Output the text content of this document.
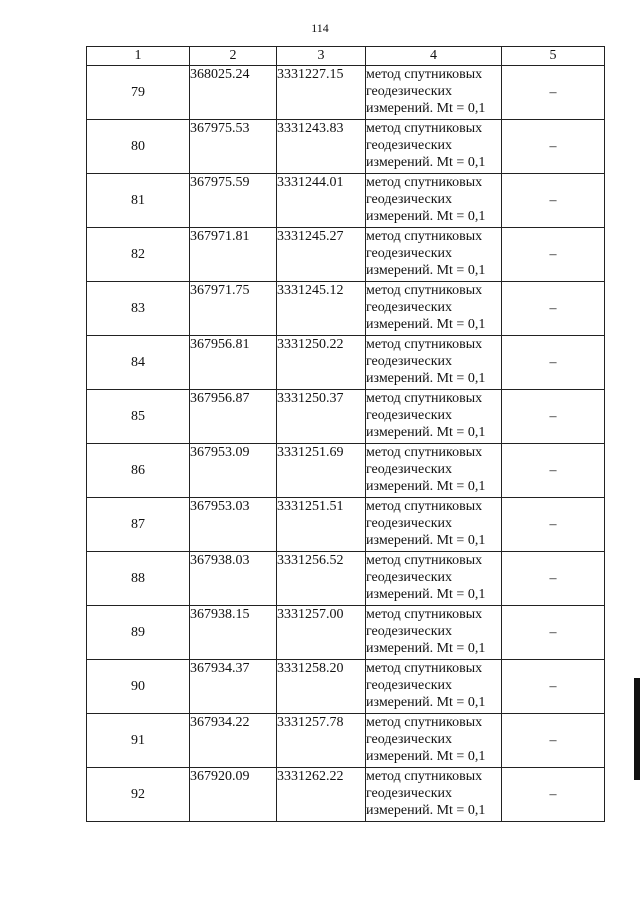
114
1	2	3	4	5
79	368025.24	3331227.15	метод спутниковых
геодезических
измерений. Mt = 0,1	–
80	367975.53	3331243.83	метод спутниковых
геодезических
измерений. Mt = 0,1	–
81	367975.59	3331244.01	метод спутниковых
геодезических
измерений. Mt = 0,1	–
82	367971.81	3331245.27	метод спутниковых
геодезических
измерений. Mt = 0,1	–
83	367971.75	3331245.12	метод спутниковых
геодезических
измерений. Mt = 0,1	–
84	367956.81	3331250.22	метод спутниковых
геодезических
измерений. Mt = 0,1	–
85	367956.87	3331250.37	метод спутниковых
геодезических
измерений. Mt = 0,1	–
86	367953.09	3331251.69	метод спутниковых
геодезических
измерений. Mt = 0,1	–
87	367953.03	3331251.51	метод спутниковых
геодезических
измерений. Mt = 0,1	–
88	367938.03	3331256.52	метод спутниковых
геодезических
измерений. Mt = 0,1	–
89	367938.15	3331257.00	метод спутниковых
геодезических
измерений. Mt = 0,1	–
90	367934.37	3331258.20	метод спутниковых
геодезических
измерений. Mt = 0,1	–
91	367934.22	3331257.78	метод спутниковых
геодезических
измерений. Mt = 0,1	–
92	367920.09	3331262.22	метод спутниковых
геодезических
измерений. Mt = 0,1	–
